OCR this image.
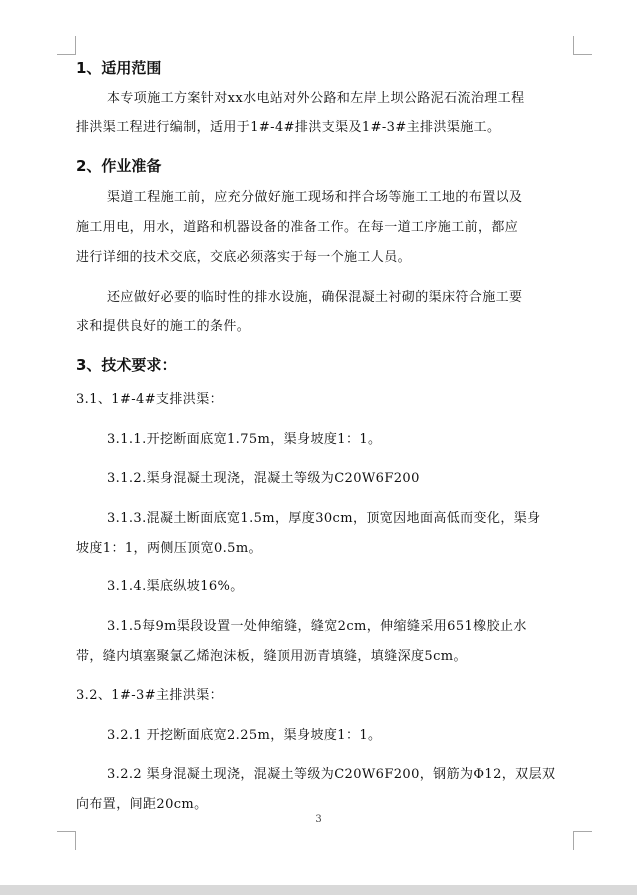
1、适用范围
本专项施工方案针对xx水电站对外公路和左岸上坝公路泥石流治理工程
排洪渠工程进行编制，适用于1#-4#排洪支渠及1#-3#主排洪渠施工。
2、作业准备
渠道工程施工前，应充分做好施工现场和拌合场等施工工地的布置以及
施工用电，用水，道路和机器设备的准备工作。在每一道工序施工前，都应
进行详细的技术交底，交底必须落实于每一个施工人员。
还应做好必要的临时性的排水设施，确保混凝土衬砌的渠床符合施工要
求和提供良好的施工的条件。
3、技术要求：
3.1、1#-4#支排洪渠：
3.1.1.开挖断面底宽1.75m，渠身坡度1：1。
3.1.2.渠身混凝土现浇，混凝土等级为C20W6F200
3.1.3.混凝土断面底宽1.5m，厚度30cm，顶宽因地面高低而变化，渠身
坡度1：1，两侧压顶宽0.5m。
3.1.4.渠底纵坡16%。
3.1.5每9m渠段设置一处伸缩缝，缝宽2cm，伸缩缝采用651橡胶止水
带，缝内填塞聚氯乙烯泡沫板，缝顶用沥青填缝，填缝深度5cm。
3.2、1#-3#主排洪渠：
3.2.1 开挖断面底宽2.25m，渠身坡度1：1。
3.2.2 渠身混凝土现浇，混凝土等级为C20W6F200，钢筋为Φ12，双层双
向布置，间距20cm。
3
